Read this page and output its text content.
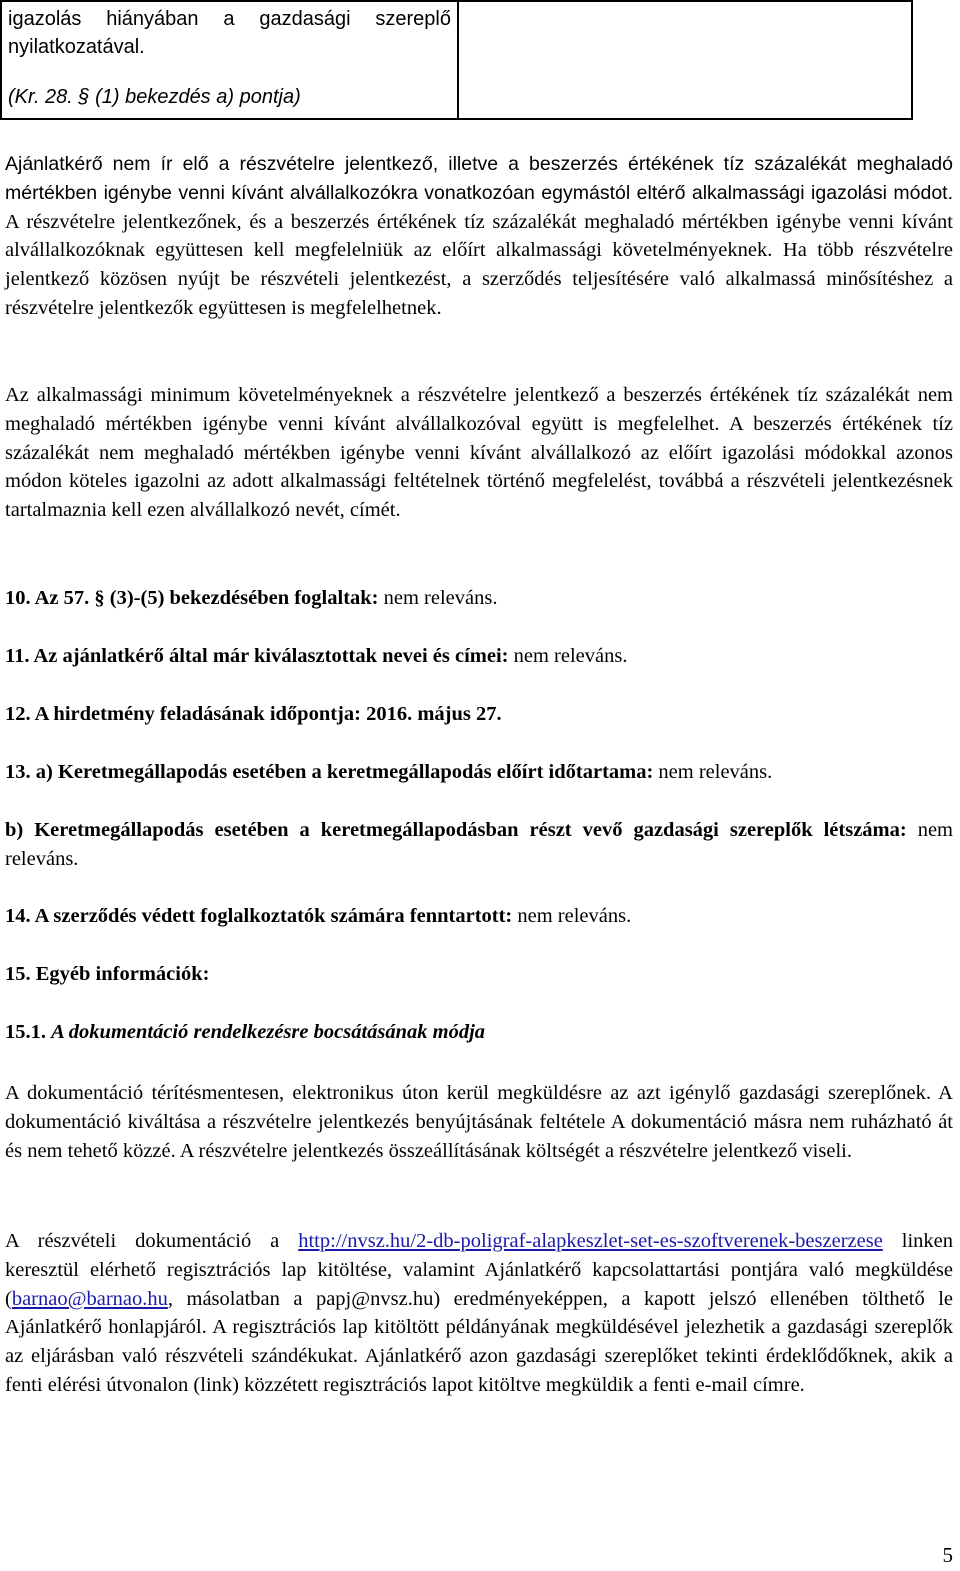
igazolás hiányában a gazdasági szereplő nyilatkozatával.
(Kr. 28. § (1) bekezdés a) pontja)

Ajánlatkérő nem ír elő a részvételre jelentkező, illetve a beszerzés értékének tíz százalékát meghaladó mértékben igénybe venni kívánt alvállalkozókra vonatkozóan egymástól eltérő alkalmassági igazolási módot. A részvételre jelentkezőnek, és a beszerzés értékének tíz százalékát meghaladó mértékben igénybe venni kívánt alvállalkozóknak együttesen kell megfelelniük az előírt alkalmassági követelményeknek. Ha több részvételre jelentkező közösen nyújt be részvételi jelentkezést, a szerződés teljesítésére való alkalmassá minősítéshez a részvételre jelentkezők együttesen is megfelelhetnek.

Az alkalmassági minimum követelményeknek a részvételre jelentkező a beszerzés értékének tíz százalékát nem meghaladó mértékben igénybe venni kívánt alvállalkozóval együtt is megfelelhet. A beszerzés értékének tíz százalékát nem meghaladó mértékben igénybe venni kívánt alvállalkozó az előírt igazolási módokkal azonos módon köteles igazolni az adott alkalmassági feltételnek történő megfelelést, továbbá a részvételi jelentkezésnek tartalmaznia kell ezen alvállalkozó nevét, címét.

10. Az 57. § (3)-(5) bekezdésében foglaltak: nem releváns.

11. Az ajánlatkérő által már kiválasztottak nevei és címei: nem releváns.

12. A hirdetmény feladásának időpontja: 2016. május 27.

13. a) Keretmegállapodás esetében a keretmegállapodás előírt időtartama: nem releváns.

b) Keretmegállapodás esetében a keretmegállapodásban részt vevő gazdasági szereplők létszáma: nem releváns.

14. A szerződés védett foglalkoztatók számára fenntartott: nem releváns.

15. Egyéb információk:

15.1. A dokumentáció rendelkezésre bocsátásának módja

A dokumentáció térítésmentesen, elektronikus úton kerül megküldésre az azt igénylő gazdasági szereplőnek. A dokumentáció kiváltása a részvételre jelentkezés benyújtásának feltétele A dokumentáció másra nem ruházható át és nem tehető közzé. A részvételre jelentkezés összeállításának költségét a részvételre jelentkező viseli.

A részvételi dokumentáció a http://nvsz.hu/2-db-poligraf-alapkeszlet-set-es-szoftverenek-beszerzese linken keresztül elérhető regisztrációs lap kitöltése, valamint Ajánlatkérő kapcsolattartási pontjára való megküldése (barnao@barnao.hu, másolatban a papj@nvsz.hu) eredményeképpen, a kapott jelszó ellenében tölthető le Ajánlatkérő honlapjáról. A regisztrációs lap kitöltött példányának megküldésével jelezhetik a gazdasági szereplők az eljárásban való részvételi szándékukat. Ajánlatkérő azon gazdasági szereplőket tekinti érdeklődőknek, akik a fenti elérési útvonalon (link) közzétett regisztrációs lapot kitöltve megküldik a fenti e-mail címre.

5
